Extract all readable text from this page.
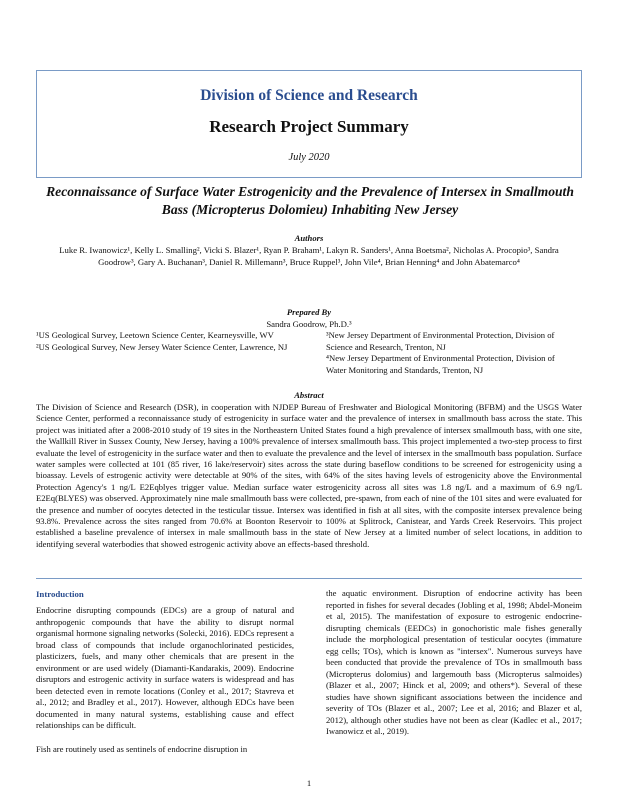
Division of Science and Research
Research Project Summary
July 2020
Reconnaissance of Surface Water Estrogenicity and the Prevalence of Intersex in Smallmouth Bass (Micropterus Dolomieu) Inhabiting New Jersey
Authors
Luke R. Iwanowicz¹, Kelly L. Smalling², Vicki S. Blazer¹, Ryan P. Braham¹, Lakyn R. Sanders¹, Anna Boetsma², Nicholas A. Procopio³, Sandra Goodrow³, Gary A. Buchanan³, Daniel R. Millemann³, Bruce Ruppel³, John Vile⁴, Brian Henning⁴ and John Abatemarco⁴
Prepared By
Sandra Goodrow, Ph.D.³

¹US Geological Survey, Leetown Science Center, Kearneysville, WV

²US Geological Survey, New Jersey Water Science Center, Lawrence, NJ

³New Jersey Department of Environmental Protection, Division of Science and Research, Trenton, NJ

⁴New Jersey Department of Environmental Protection, Division of Water Monitoring and Standards, Trenton, NJ

Abstract
The Division of Science and Research (DSR), in cooperation with NJDEP Bureau of Freshwater and Biological Monitoring (BFBM) and the USGS Water Science Center, performed a reconnaissance study of estrogenicity in surface water and the prevalence of intersex in smallmouth bass across the state. This project was initiated after a 2008-2010 study of 19 sites in the Northeastern United States found a high prevalence of intersex smallmouth bass, with one site, the Wallkill River in Sussex County, New Jersey, having a 100% prevalence of intersex smallmouth bass. This project implemented a two-step process to first evaluate the level of estrogenicity in the surface water and then to evaluate the prevalence and the level of intersex in the smallmouth bass population. Surface water samples were collected at 101 (85 river, 16 lake/reservoir) sites across the state during baseflow conditions to be screened for estrogenicity using a bioassay. Levels of estrogenic activity were detectable at 90% of the sites, with 64% of the sites having levels of estrogenicity above the Environmental Protection Agency's 1 ng/L E2Eqblyes trigger value. Median surface water estrogenicity across all sites was 1.8 ng/L and a maximum of 6.9 ng/L E2Eq(BLYES) was observed. Approximately nine male smallmouth bass were collected, pre-spawn, from each of nine of the 101 sites and were evaluated for the presence and number of oocytes detected in the testicular tissue. Intersex was identified in fish at all sites, with the composite intersex prevalence being 93.8%. Prevalence across the sites ranged from 70.6% at Boonton Reservoir to 100% at Splitrock, Canistear, and Yards Creek Reservoirs. This project established a baseline prevalence of intersex in male smallmouth bass in the state of New Jersey at a limited number of select locations, in addition to identifying several waterbodies that showed estrogenic activity above an effects-based threshold.
Introduction

Endocrine disrupting compounds (EDCs) are a group of natural and anthropogenic compounds that have the ability to disrupt normal organismal hormone signaling networks (Solecki, 2016). EDCs represent a broad class of compounds that include organochlorinated pesticides, plasticizers, fuels, and many other chemicals that are present in the environment or are used widely (Diamanti-Kandarakis, 2009). Endocrine disruptors and estrogenic activity in surface waters is widespread and has been detected even in remote locations (Conley et al., 2017; Stavreva et al., 2012; and Bradley et al., 2017). However, although EDCs have been documented in many natural systems, establishing cause and effect relationships can be difficult.

Fish are routinely used as sentinels of endocrine disruption in

the aquatic environment. Disruption of endocrine activity has been reported in fishes for several decades (Jobling et al, 1998; Abdel-Moneim et al, 2015). The manifestation of exposure to estrogenic endocrine-disrupting chemicals (EEDCs) in gonochoristic male fishes generally include the morphological presentation of testicular oocytes (immature egg cells; TOs), which is known as "intersex". Numerous surveys have been conducted that provide the prevalence of TOs in smallmouth bass (Micropterus dolomius) and largemouth bass (Micropterus salmoides) (Blazer et al., 2007; Hinck et al, 2009; and others*). Several of these studies have shown significant associations between the incidence and severity of TOs (Blazer et al., 2007; Lee et al, 2016; and Blazer et al, 2012), although other studies have not been as clear (Kadlec et al., 2017; Iwanowicz et al., 2019).

1
